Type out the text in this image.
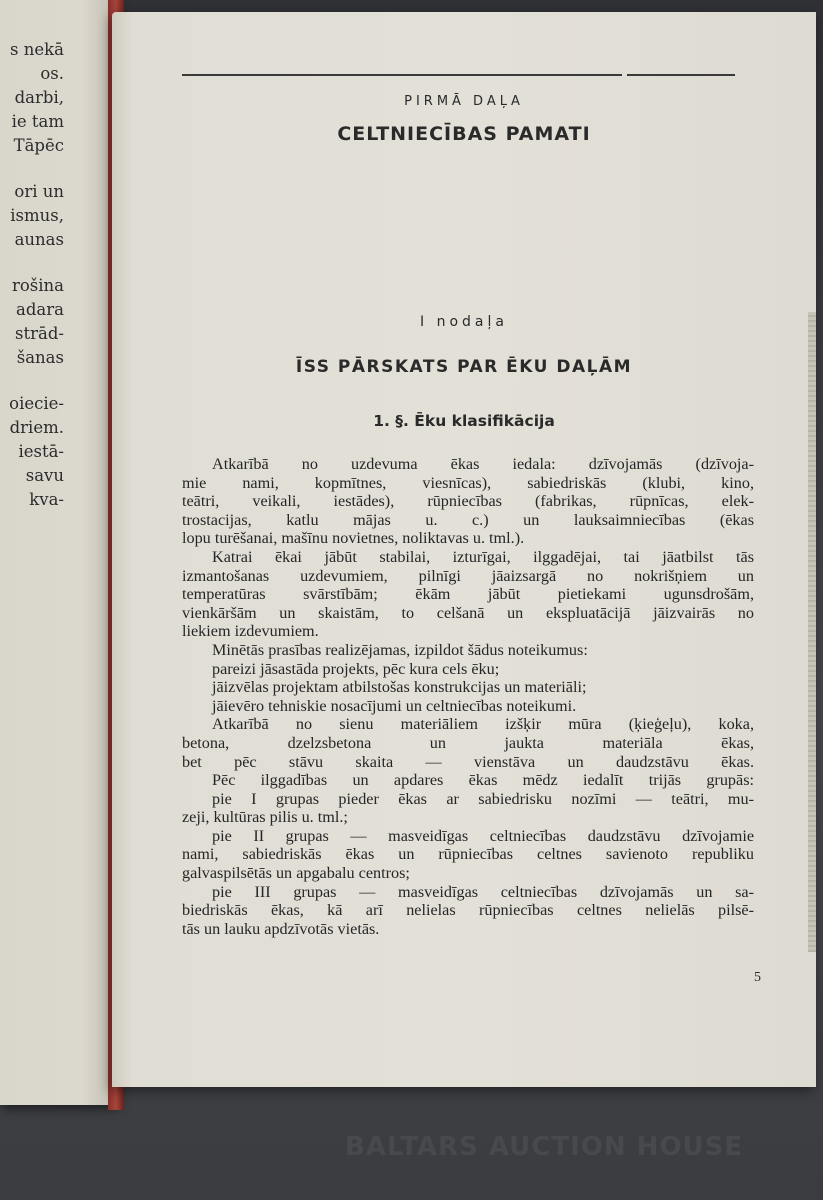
s nekā
os.
darbi,
ie tam
Tāpēc
ori un
ismus,
aunas
rošina
adara
strād-
šanas
oiecie-
driem.
iestā-
savu
kva-
PIRMĀ DAĻA
CELTNIECĪBAS PAMATI
I nodaļa
ĪSS PĀRSKATS PAR ĒKU DAĻĀM
1. §. Ēku klasifikācija
Atkarībā no uzdevuma ēkas iedala: dzīvojamās (dzīvoja-
mie nami, kopmītnes, viesnīcas), sabiedriskās (klubi, kino,
teātri, veikali, iestādes), rūpniecības (fabrikas, rūpnīcas, elek-
trostacijas, katlu mājas u. c.) un lauksaimniecības (ēkas
lopu turēšanai, mašīnu novietnes, noliktavas u. tml.).
Katrai ēkai jābūt stabilai, izturīgai, ilggadējai, tai jāatbilst tās
izmantošanas uzdevumiem, pilnīgi jāaizsargā no nokrišņiem un
temperatūras svārstībām; ēkām jābūt pietiekami ugunsdrošām,
vienkāršām un skaistām, to celšanā un ekspluatācijā jāizvairās no
liekiem izdevumiem.
Minētās prasības realizējamas, izpildot šādus noteikumus:
pareizi jāsastāda projekts, pēc kura cels ēku;
jāizvēlas projektam atbilstošas konstrukcijas un materiāli;
jāievēro tehniskie nosacījumi un celtniecības noteikumi.
Atkarībā no sienu materiāliem izšķir mūra (ķieģeļu), koka,
betona, dzelzsbetona un jaukta materiāla ēkas,
bet pēc stāvu skaita — vienstāva un daudzstāvu ēkas.
Pēc ilggadības un apdares ēkas mēdz iedalīt trijās grupās:
pie I grupas pieder ēkas ar sabiedrisku nozīmi — teātri, mu-
zeji, kultūras pilis u. tml.;
pie II grupas — masveidīgas celtniecības daudzstāvu dzīvojamie
nami, sabiedriskās ēkas un rūpniecības celtnes savienoto republiku
galvaspilsētās un apgabalu centros;
pie III grupas — masveidīgas celtniecības dzīvojamās un sa-
biedriskās ēkas, kā arī nelielas rūpniecības celtnes nelielās pilsē-
tās un lauku apdzīvotās vietās.
5
BALTARS AUCTION HOUSE
